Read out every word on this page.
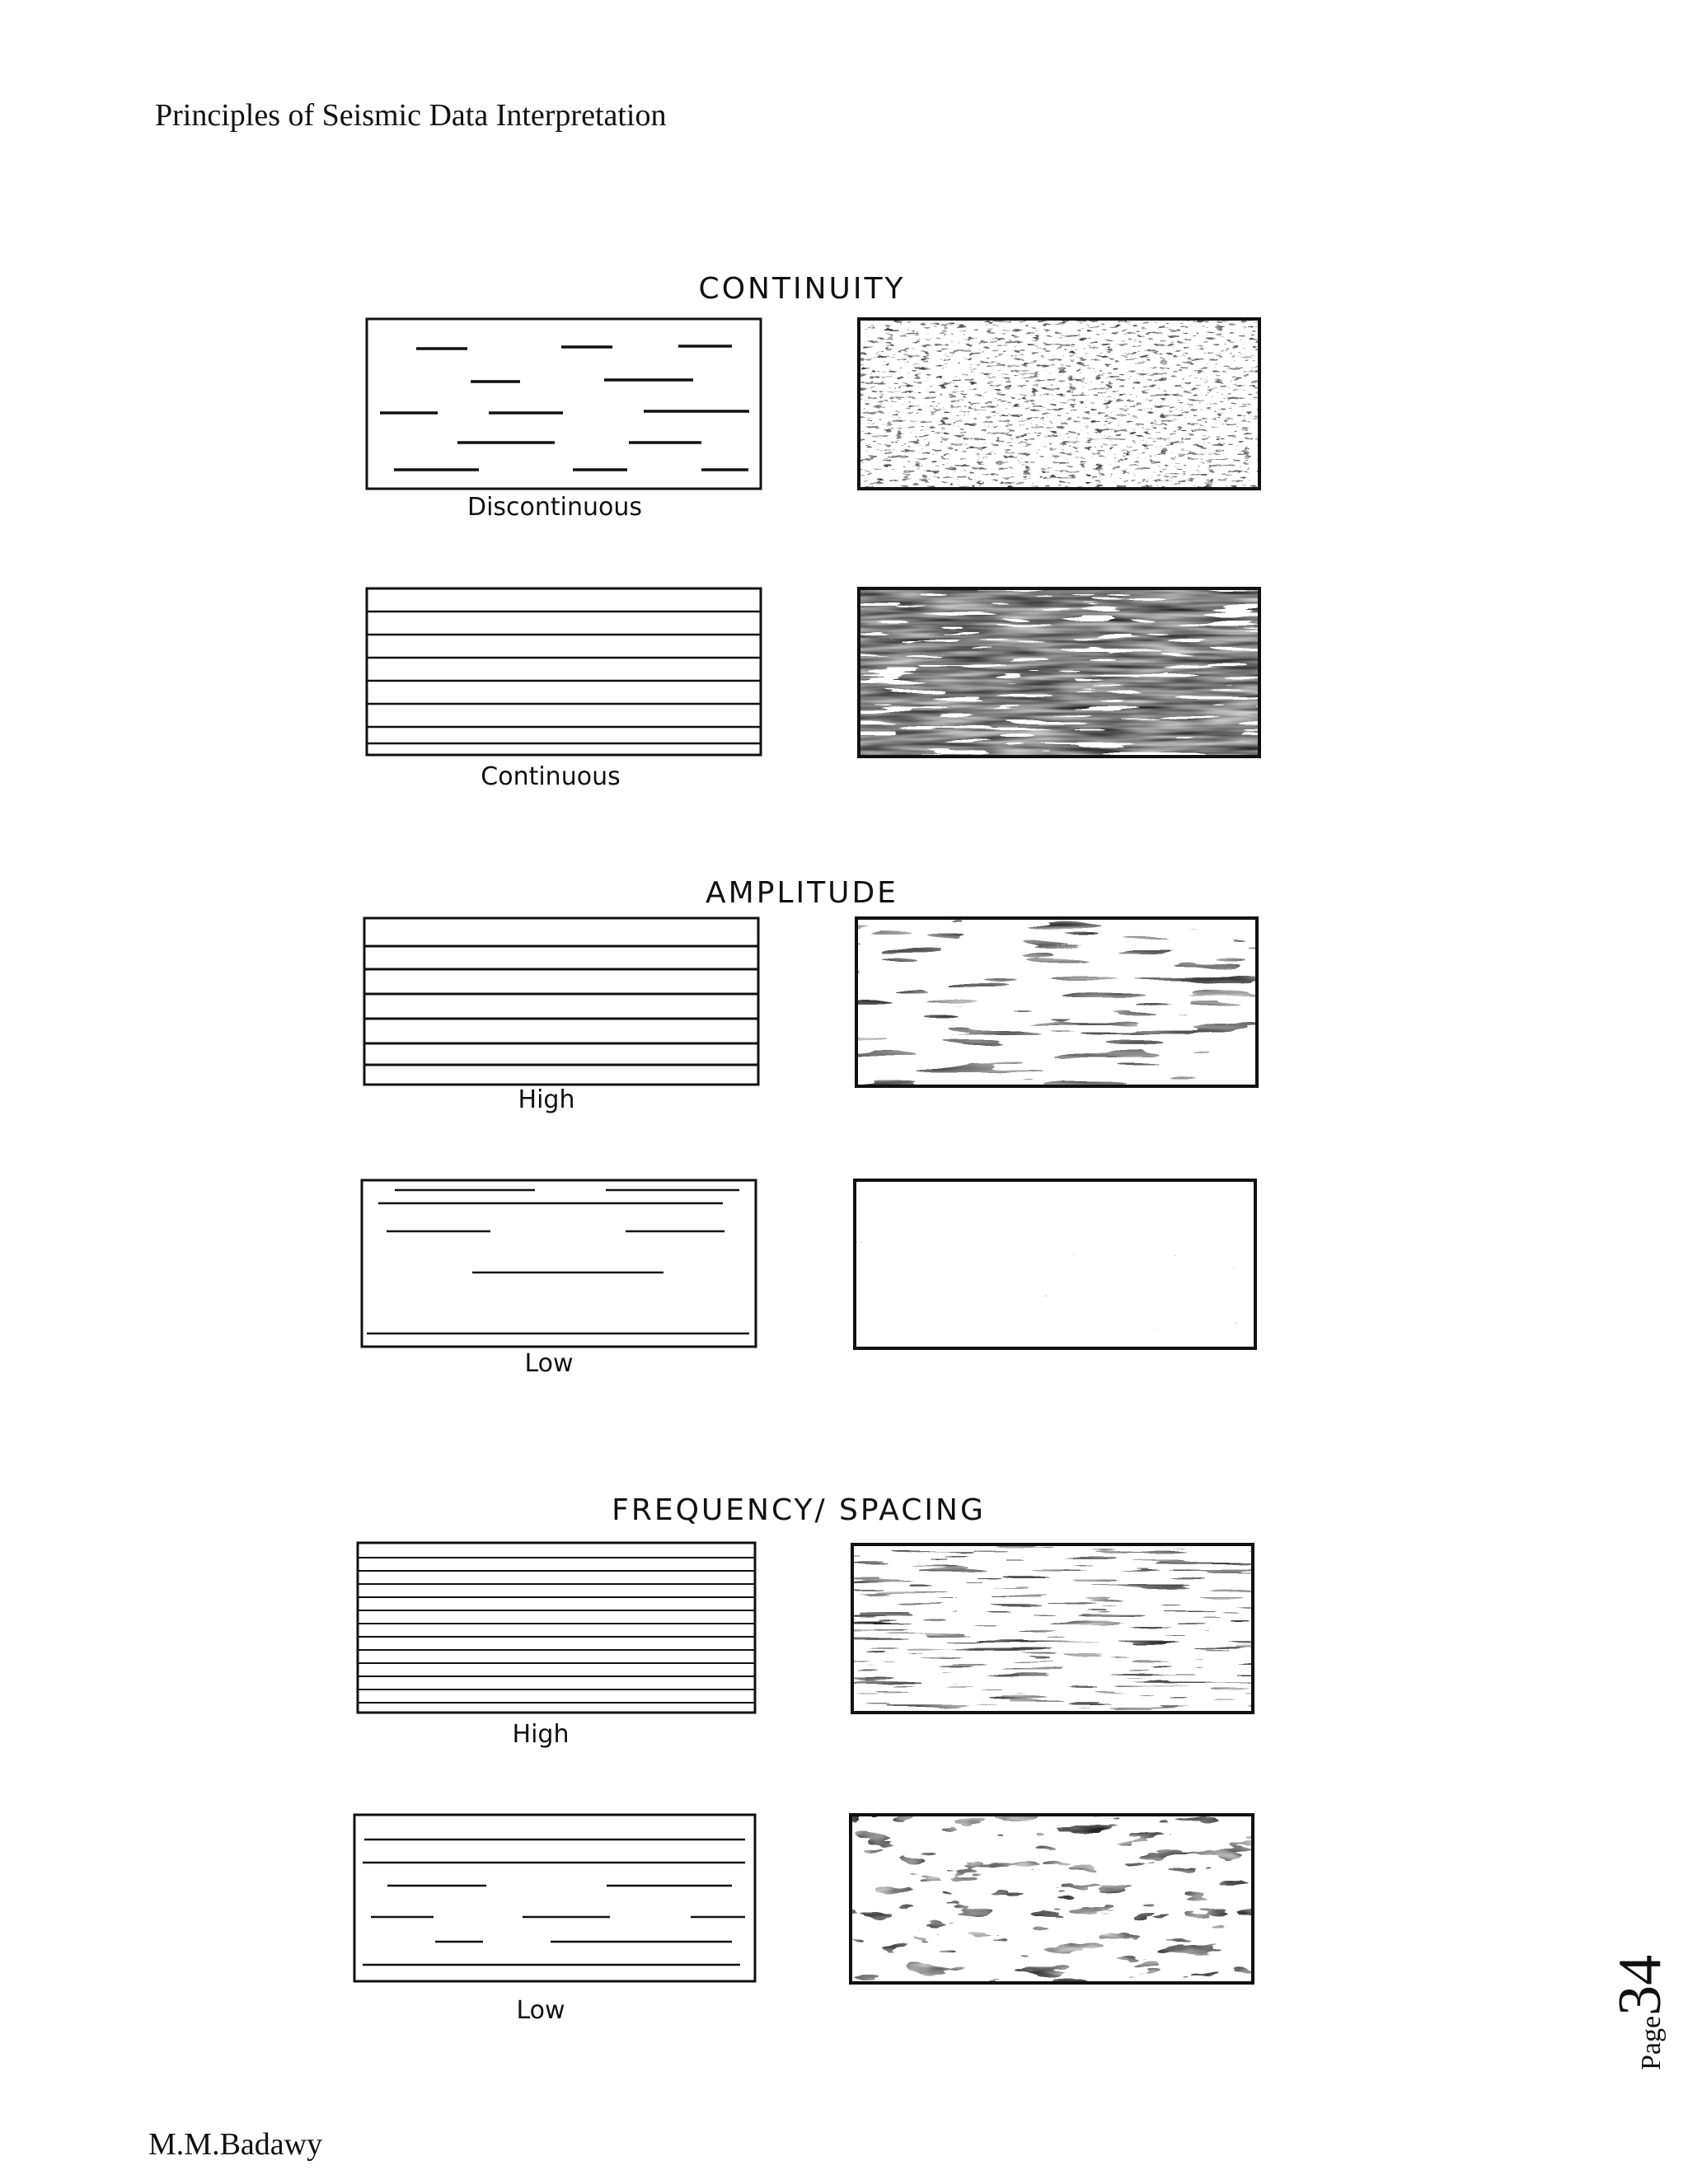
Principles of Seismic Data Interpretation
CONTINUITY
Discontinuous
Continuous
AMPLITUDE
High
Low
FREQUENCY/ SPACING
High
Low
M.M.Badawy
Page34
